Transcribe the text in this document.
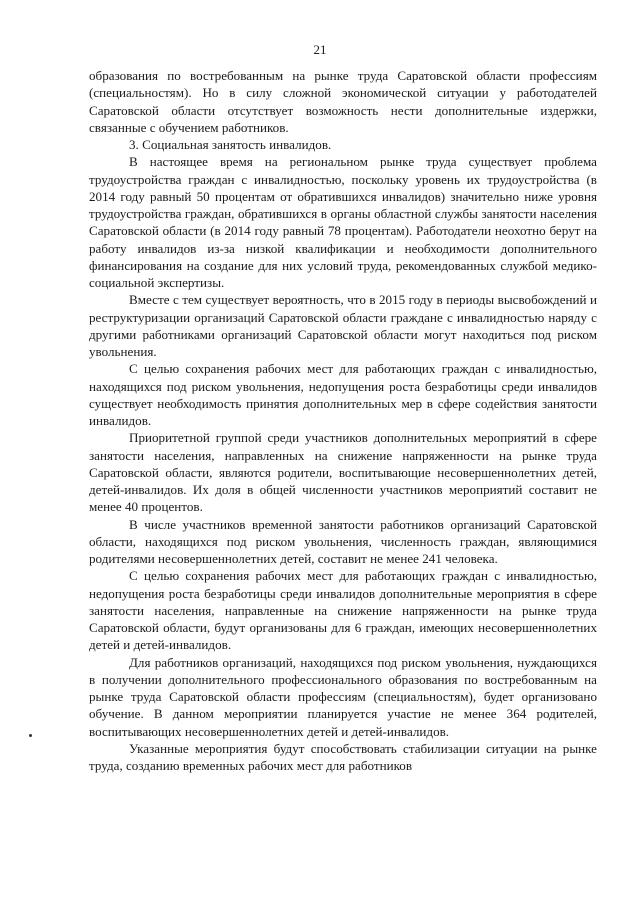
21

образования по востребованным на рынке труда Саратовской области профессиям (специальностям). Но в силу сложной экономической ситуации у работодателей Саратовской области отсутствует возможность нести дополнительные издержки, связанные с обучением работников.

3. Социальная занятость инвалидов.

В настоящее время на региональном рынке труда существует проблема трудоустройства граждан с инвалидностью, поскольку уровень их трудоустройства (в 2014 году равный 50 процентам от обратившихся инвалидов) значительно ниже уровня трудоустройства граждан, обратившихся в органы областной службы занятости населения Саратовской области (в 2014 году равный 78 процентам). Работодатели неохотно берут на работу инвалидов из-за низкой квалификации и необходимости дополнительного финансирования на создание для них условий труда, рекомендованных службой медико-социальной экспертизы.

Вместе с тем существует вероятность, что в 2015 году в периоды высвобождений и реструктуризации организаций Саратовской области граждане с инвалидностью наряду с другими работниками организаций Саратовской области могут находиться под риском увольнения.

С целью сохранения рабочих мест для работающих граждан с инвалидностью, находящихся под риском увольнения, недопущения роста безработицы среди инвалидов существует необходимость принятия дополнительных мер в сфере содействия занятости инвалидов.

Приоритетной группой среди участников дополнительных мероприятий в сфере занятости населения, направленных на снижение напряженности на рынке труда Саратовской области, являются родители, воспитывающие несовершеннолетних детей, детей-инвалидов. Их доля в общей численности участников мероприятий составит не менее 40 процентов.

В числе участников временной занятости работников организаций Саратовской области, находящихся под риском увольнения, численность граждан, являющимися родителями несовершеннолетних детей, составит не менее 241 человека.

С целью сохранения рабочих мест для работающих граждан с инвалидностью, недопущения роста безработицы среди инвалидов дополнительные мероприятия в сфере занятости населения, направленные на снижение напряженности на рынке труда Саратовской области, будут организованы для 6 граждан, имеющих несовершеннолетних детей и детей-инвалидов.

Для работников организаций, находящихся под риском увольнения, нуждающихся в получении дополнительного профессионального образования по востребованным на рынке труда Саратовской области профессиям (специальностям), будет организовано обучение. В данном мероприятии планируется участие не менее 364 родителей, воспитывающих несовершеннолетних детей и детей-инвалидов.

Указанные мероприятия будут способствовать стабилизации ситуации на рынке труда, созданию временных рабочих мест для работников
